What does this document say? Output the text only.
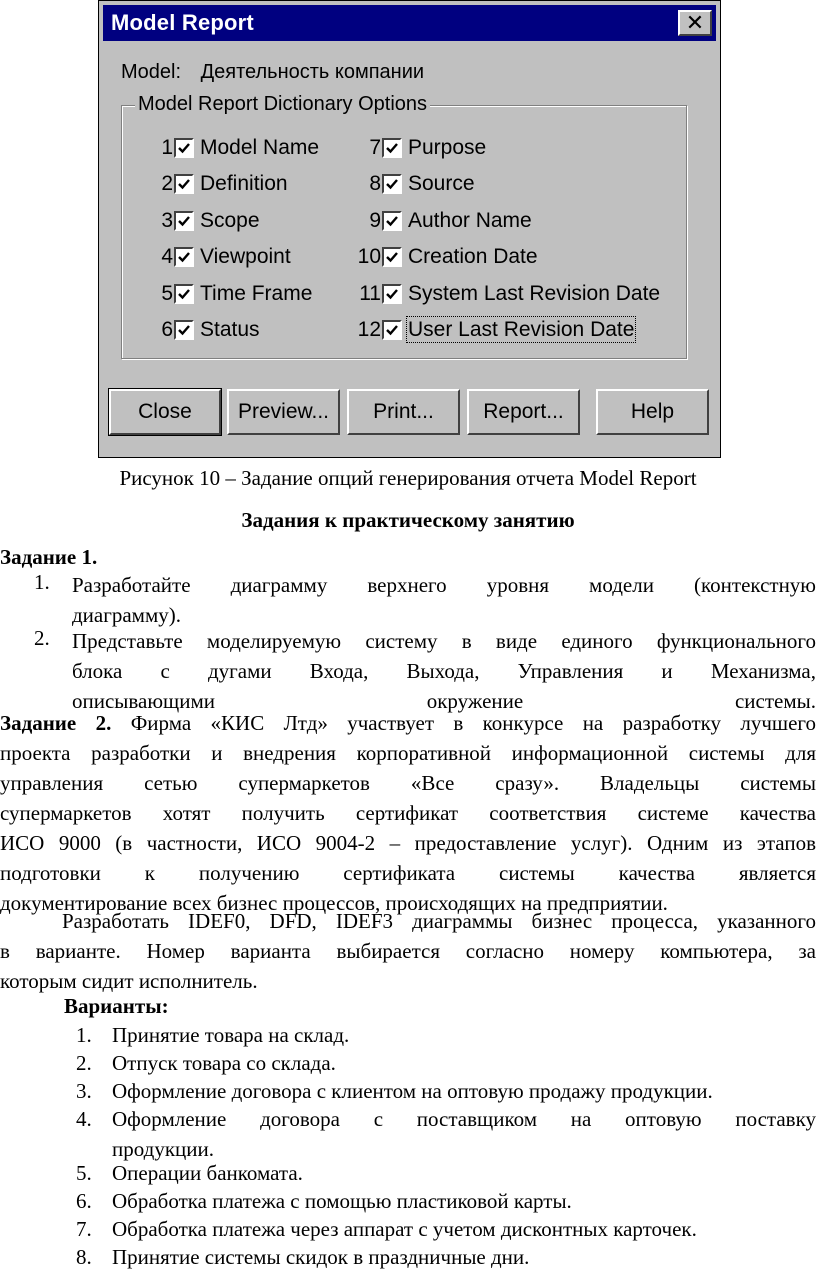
Model Report	✕
Model: Деятельность компании
Model Report Dictionary Options
1 Model Name
2 Definition
3 Scope
4 Viewpoint
5 Time Frame
6 Status
7 Purpose
8 Source
9 Author Name
10 Creation Date
11 System Last Revision Date
12 User Last Revision Date
Close	Preview...	Print...	Report...	Help
Рисунок 10 – Задание опций генерирования отчета Model Report
Задания к практическому занятию
Задание 1.
1. Разработайте диаграмму верхнего уровня модели (контекстную
диаграмму).
2. Представьте моделируемую систему в виде единого функционального
блока с дугами Входа, Выхода, Управления и Механизма,
описывающими окружение системы.
Задание 2. Фирма «КИС Лтд» участвует в конкурсе на разработку лучшего
проекта разработки и внедрения корпоративной информационной системы для
управления сетью супермаркетов «Все сразу». Владельцы системы
супермаркетов хотят получить сертификат соответствия системе качества
ИСО 9000 (в частности, ИСО 9004-2 – предоставление услуг). Одним из этапов
подготовки к получению сертификата системы качества является
документирование всех бизнес процессов, происходящих на предприятии.
Разработать IDEF0, DFD, IDEF3 диаграммы бизнес процесса, указанного
в варианте. Номер варианта выбирается согласно номеру компьютера, за
которым сидит исполнитель.
Варианты:
1. Принятие товара на склад.
2. Отпуск товара со склада.
3. Оформление договора с клиентом на оптовую продажу продукции.
4. Оформление договора с поставщиком на оптовую поставку
продукции.
5. Операции банкомата.
6. Обработка платежа с помощью пластиковой карты.
7. Обработка платежа через аппарат с учетом дисконтных карточек.
8. Принятие системы скидок в праздничные дни.
